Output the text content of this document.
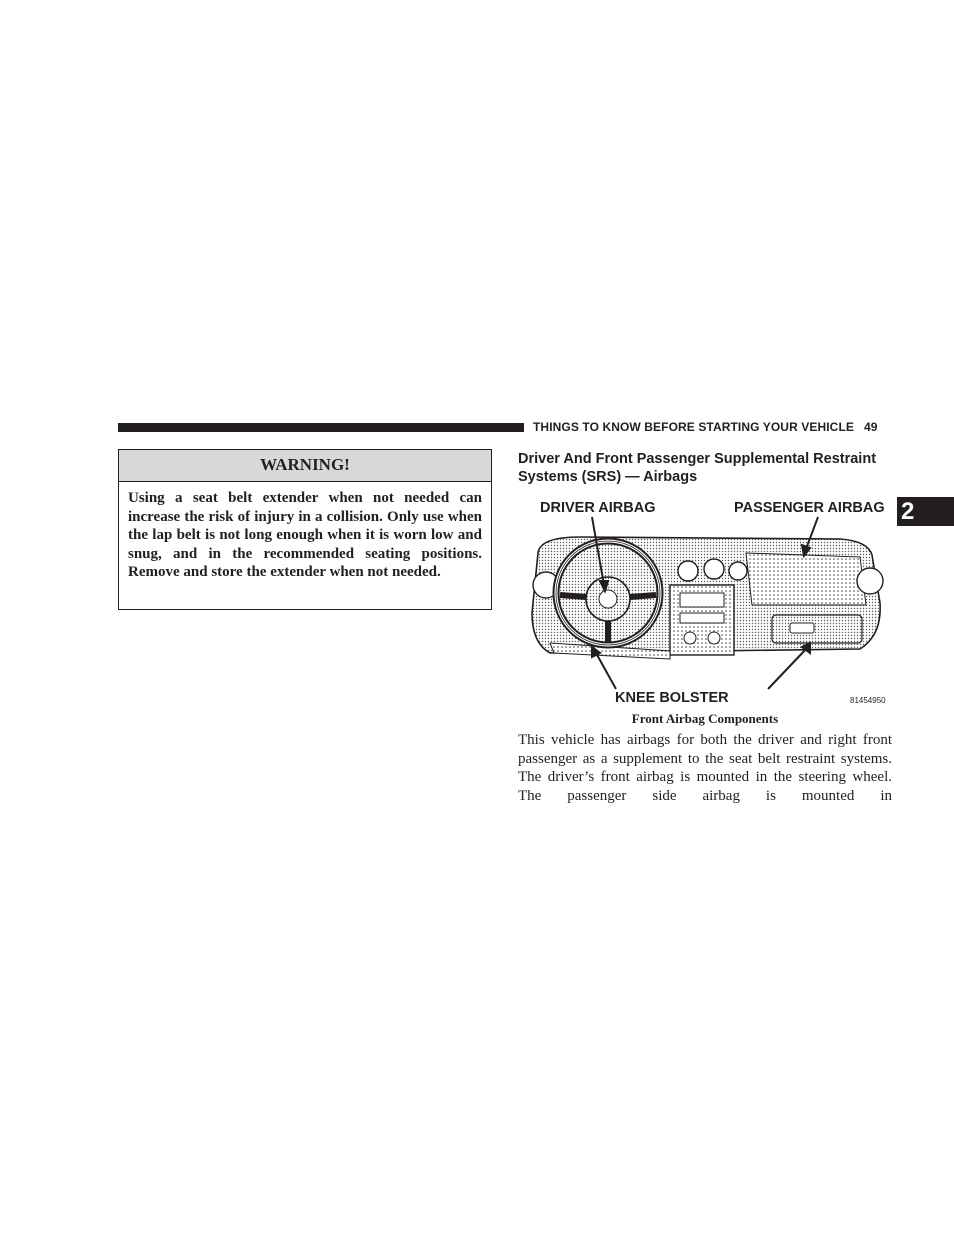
THINGS TO KNOW BEFORE STARTING YOUR VEHICLE 49
2
WARNING!
Using a seat belt extender when not needed can increase the risk of injury in a collision. Only use when the lap belt is not long enough when it is worn low and snug, and in the recommended seating positions. Remove and store the extender when not needed.
Driver And Front Passenger Supplemental Restraint Systems (SRS) — Airbags
DRIVER AIRBAG	PASSENGER AIRBAG
KNEE BOLSTER	81454950
Front Airbag Components
This vehicle has airbags for both the driver and right front passenger as a supplement to the seat belt restraint systems. The driver’s front airbag is mounted in the steering wheel. The passenger side airbag is mounted in
